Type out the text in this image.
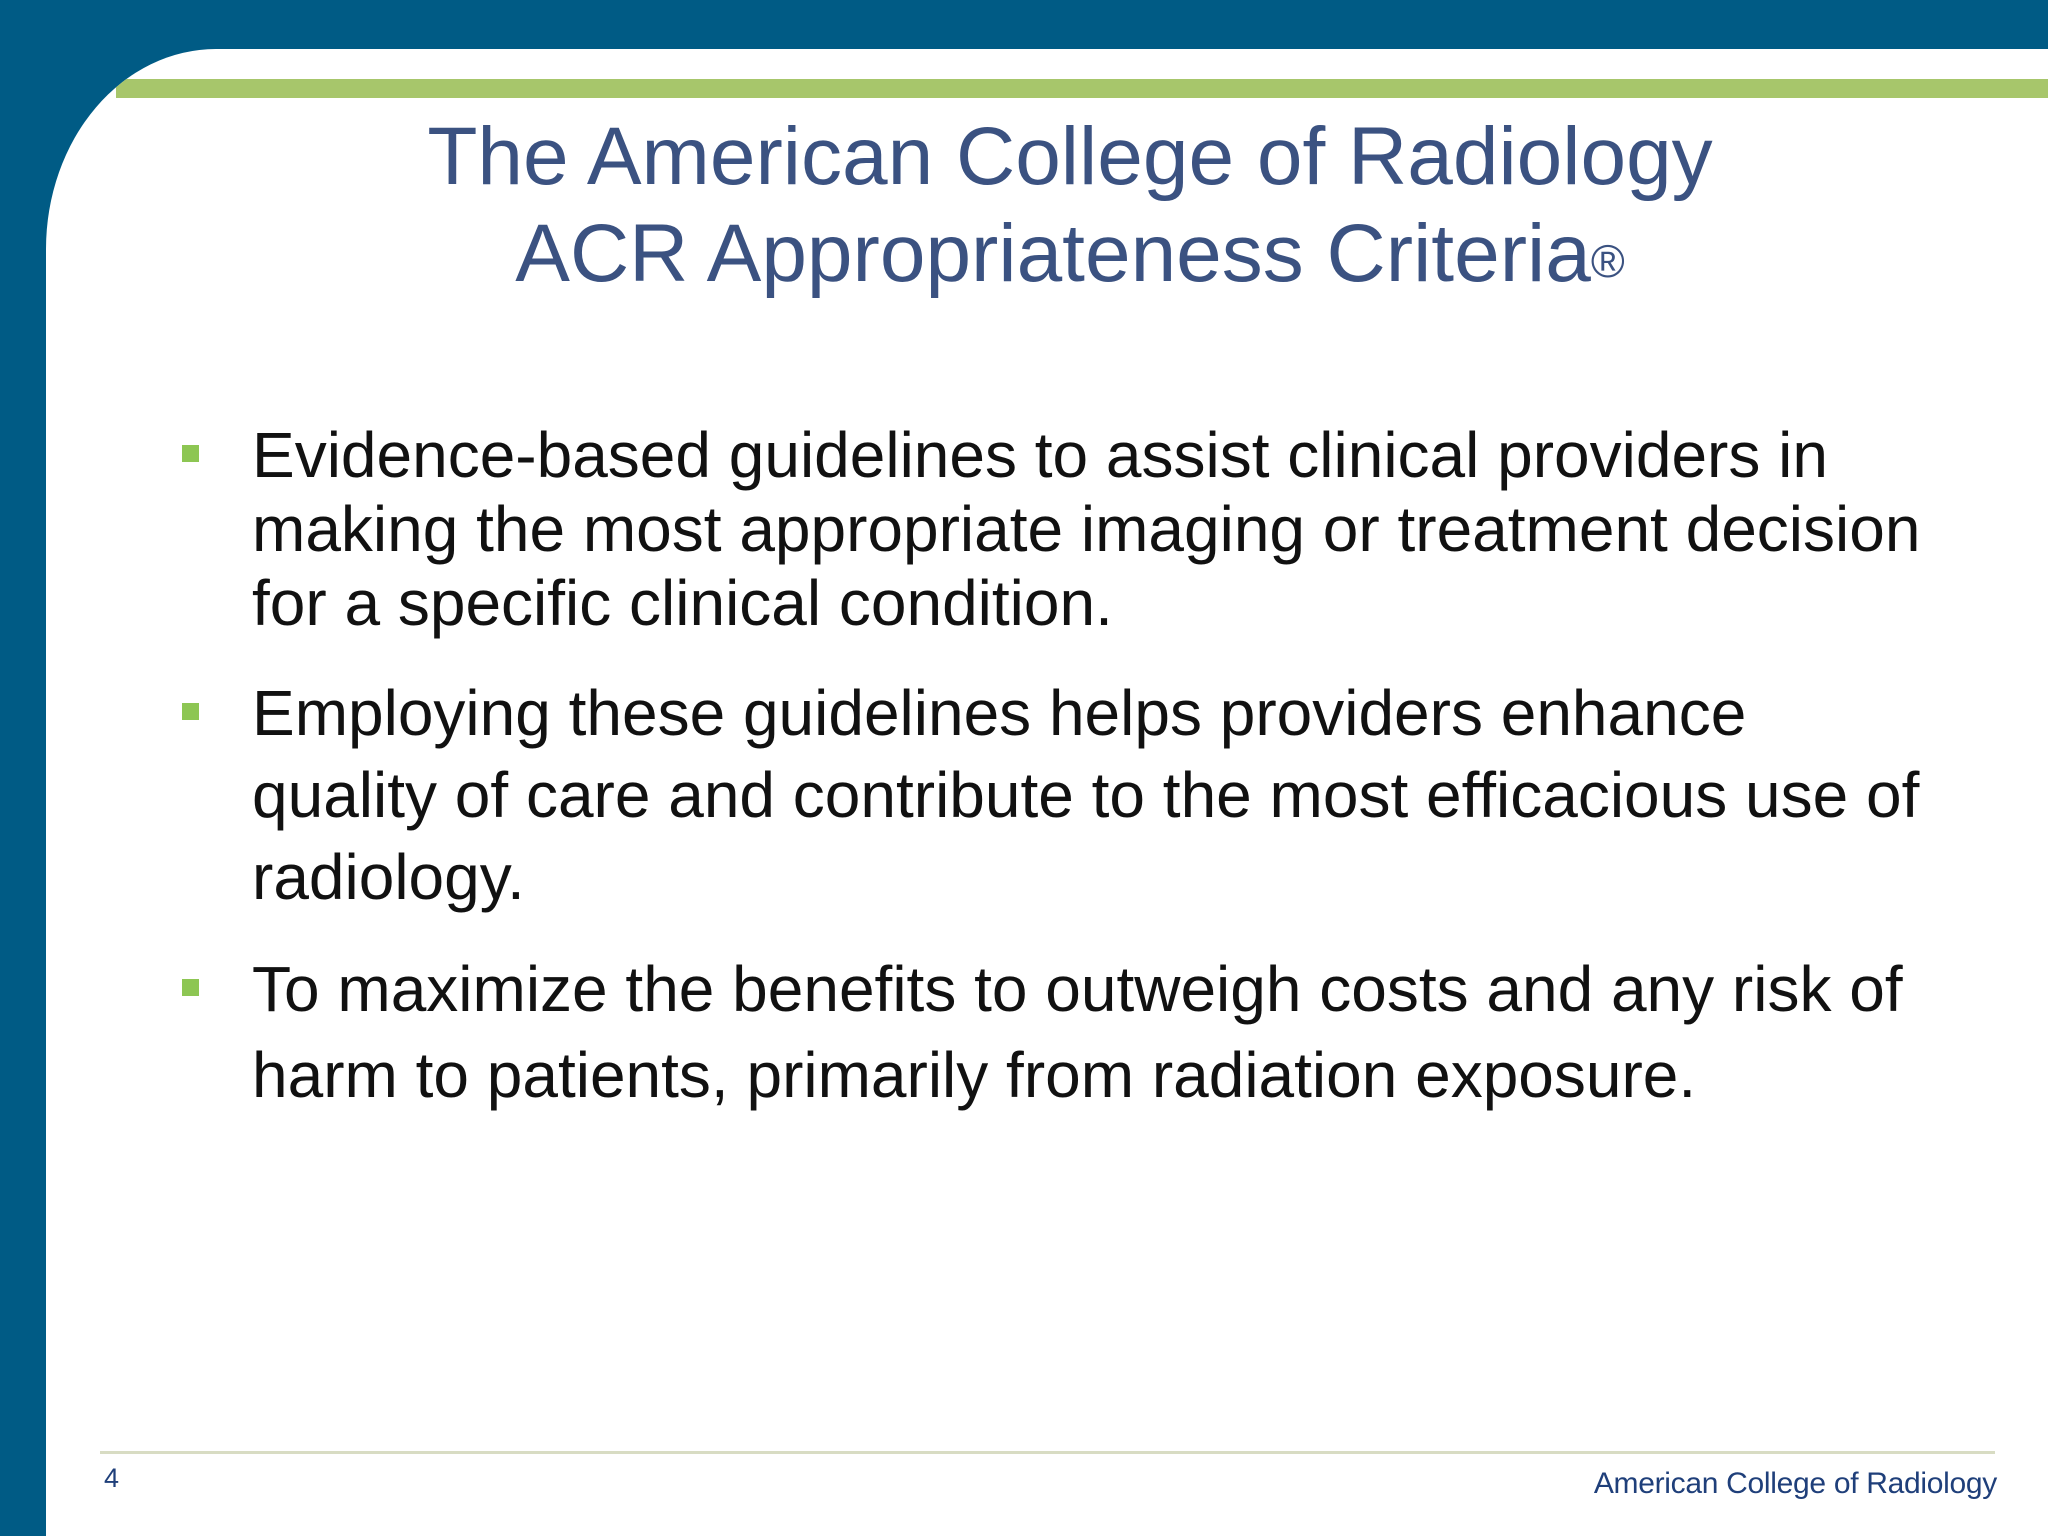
The American College of Radiology
ACR Appropriateness Criteria®
Evidence-based guidelines to assist clinical providers in making the most appropriate imaging or treatment decision for a specific clinical condition.
Employing these guidelines helps providers enhance quality of care and contribute to the most efficacious use of radiology.
To maximize the benefits to outweigh costs and any risk of harm to patients, primarily from radiation exposure.
4	American College of Radiology
